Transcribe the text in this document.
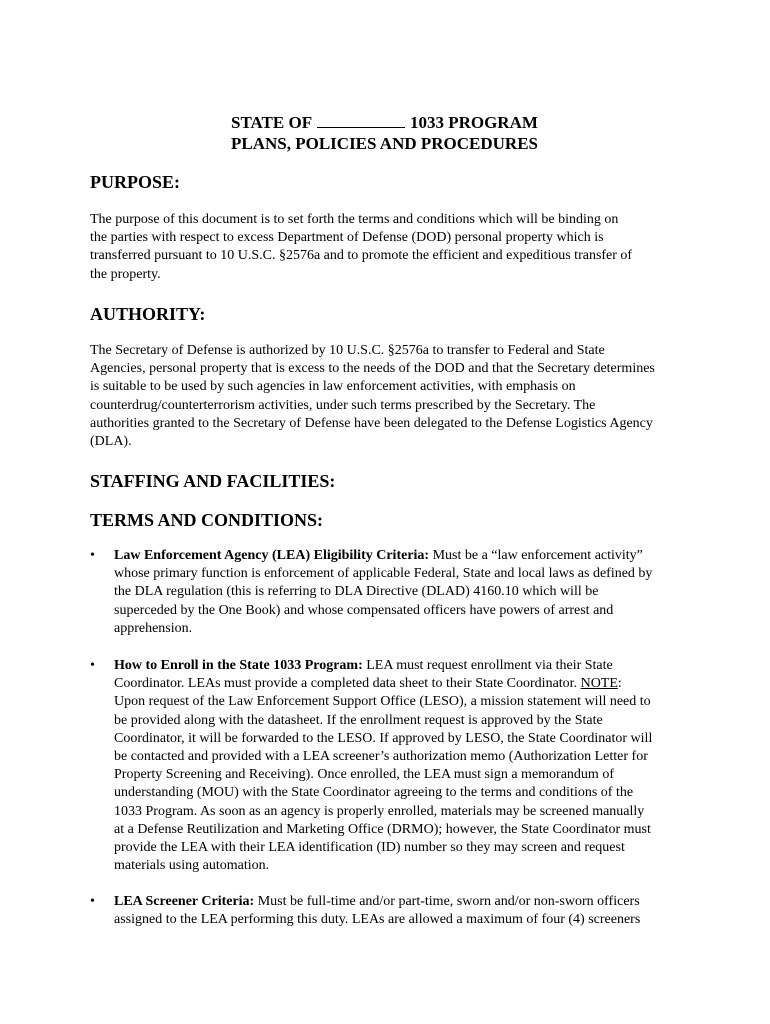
STATE OF	1033 PROGRAM
PLANS, POLICIES AND PROCEDURES
PURPOSE:
The purpose of this document is to set forth the terms and conditions which will be binding on
the parties with respect to excess Department of Defense (DOD) personal property which is
transferred pursuant to 10 U.S.C. §2576a and to promote the efficient and expeditious transfer of
the property.
AUTHORITY:
The Secretary of Defense is authorized by 10 U.S.C. §2576a to transfer to Federal and State
Agencies, personal property that is excess to the needs of the DOD and that the Secretary determines
is suitable to be used by such agencies in law enforcement activities, with emphasis on
counterdrug/counterterrorism activities, under such terms prescribed by the Secretary. The
authorities granted to the Secretary of Defense have been delegated to the Defense Logistics Agency
(DLA).
STAFFING AND FACILITIES:
TERMS AND CONDITIONS:
•	Law Enforcement Agency (LEA) Eligibility Criteria: Must be a “law enforcement activity”
whose primary function is enforcement of applicable Federal, State and local laws as defined by
the DLA regulation (this is referring to DLA Directive (DLAD) 4160.10 which will be
superceded by the One Book) and whose compensated officers have powers of arrest and
apprehension.
•	How to Enroll in the State 1033 Program: LEA must request enrollment via their State
Coordinator. LEAs must provide a completed data sheet to their State Coordinator. NOTE:
Upon request of the Law Enforcement Support Office (LESO), a mission statement will need to
be provided along with the datasheet. If the enrollment request is approved by the State
Coordinator, it will be forwarded to the LESO. If approved by LESO, the State Coordinator will
be contacted and provided with a LEA screener’s authorization memo (Authorization Letter for
Property Screening and Receiving). Once enrolled, the LEA must sign a memorandum of
understanding (MOU) with the State Coordinator agreeing to the terms and conditions of the
1033 Program. As soon as an agency is properly enrolled, materials may be screened manually
at a Defense Reutilization and Marketing Office (DRMO); however, the State Coordinator must
provide the LEA with their LEA identification (ID) number so they may screen and request
materials using automation.
•	LEA Screener Criteria: Must be full-time and/or part-time, sworn and/or non-sworn officers
assigned to the LEA performing this duty. LEAs are allowed a maximum of four (4) screeners
